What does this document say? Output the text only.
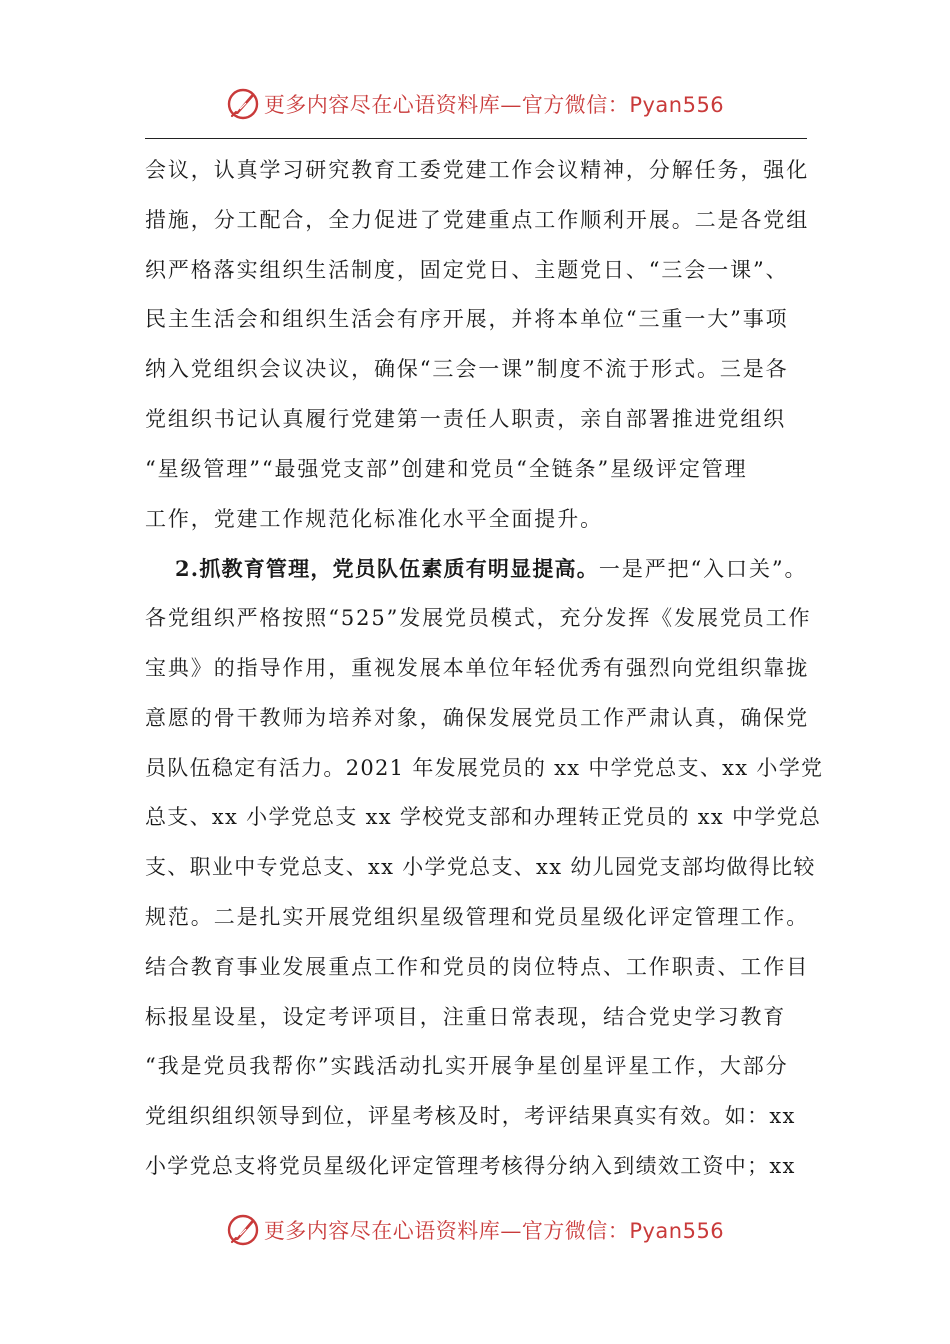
更多内容尽在心语资料库—官方微信：Pyan556
会议，认真学习研究教育工委党建工作会议精神，分解任务，强化
措施，分工配合，全力促进了党建重点工作顺利开展。二是各党组
织严格落实组织生活制度，固定党日、主题党日、“三会一课”、
民主生活会和组织生活会有序开展，并将本单位“三重一大”事项
纳入党组织会议决议，确保“三会一课”制度不流于形式。三是各
党组织书记认真履行党建第一责任人职责，亲自部署推进党组织
“星级管理”“最强党支部”创建和党员“全链条”星级评定管理
工作，党建工作规范化标准化水平全面提升。
2.抓教育管理，党员队伍素质有明显提高。一是严把“入口关”。
各党组织严格按照“525”发展党员模式，充分发挥《发展党员工作
宝典》的指导作用，重视发展本单位年轻优秀有强烈向党组织靠拢
意愿的骨干教师为培养对象，确保发展党员工作严肃认真，确保党
员队伍稳定有活力。2021 年发展党员的 xx 中学党总支、xx 小学党
总支、xx 小学党总支 xx 学校党支部和办理转正党员的 xx 中学党总
支、职业中专党总支、xx 小学党总支、xx 幼儿园党支部均做得比较
规范。二是扎实开展党组织星级管理和党员星级化评定管理工作。
结合教育事业发展重点工作和党员的岗位特点、工作职责、工作目
标报星设星，设定考评项目，注重日常表现，结合党史学习教育
“我是党员我帮你”实践活动扎实开展争星创星评星工作，大部分
党组织组织领导到位，评星考核及时，考评结果真实有效。如：xx
小学党总支将党员星级化评定管理考核得分纳入到绩效工资中；xx
更多内容尽在心语资料库—官方微信：Pyan556
